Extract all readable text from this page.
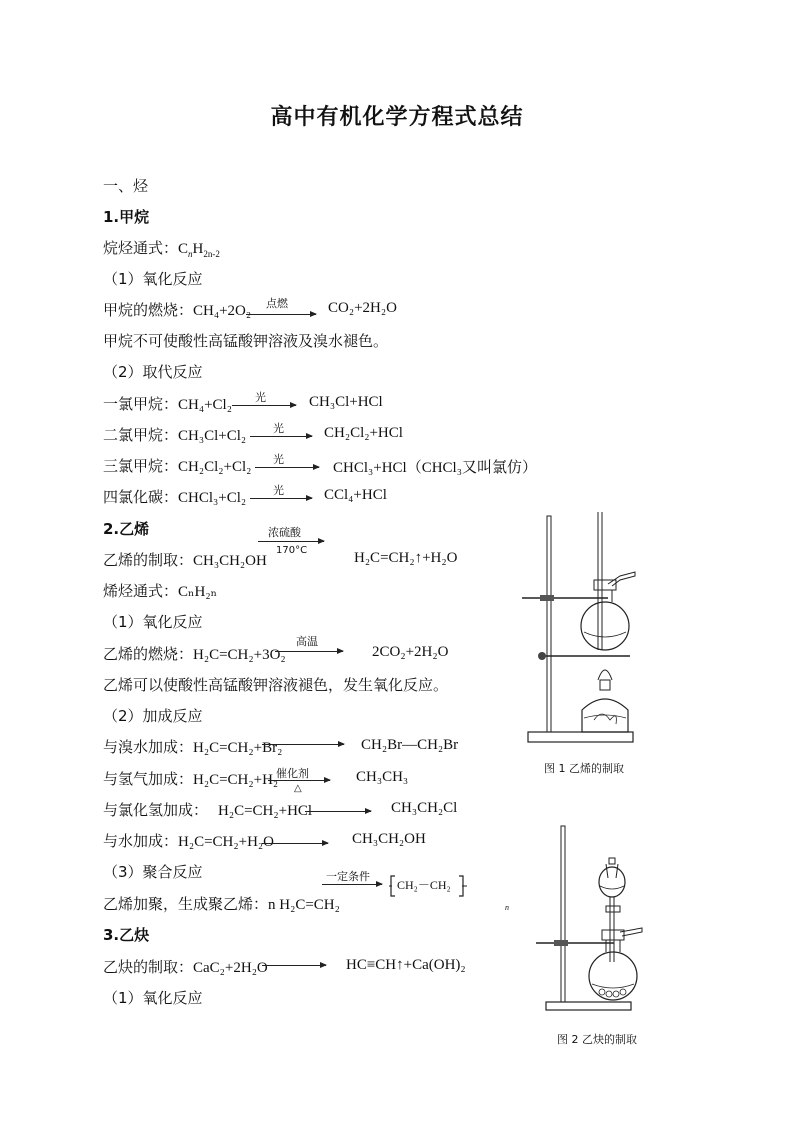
高中有机化学方程式总结
一、烃
1.甲烷
烷烃通式：$C_nH_{2n-2}$
（1）氧化反应
甲烷的燃烧：CH₄+2O₂ 点燃	CO₂+2H₂O
甲烷不可使酸性高锰酸钾溶液及溴水褪色。
（2）取代反应
一氯甲烷：CH₄+Cl₂ 光 → CH₃Cl+HCl
二氯甲烷：CH₃Cl+Cl₂ 光 → CH₂Cl₂+HCl
三氯甲烷：CH₂Cl₂+Cl₂ 光
→ CHCl₃+HCl（CHCl₃又叫氯仿）
四氯化碳：CHCl₃+Cl₂ 光 → CCl₄+HCl
2.乙烯
乙烯的制取：CH₃CH₂OH
浓硫酸
170°C	H₂C=CH₂↑+H₂O
烯烃通式：CₙH₂ₙ
（1）氧化反应
乙烯的燃烧：H₂C=CH₂+3O₂
高温
2CO₂+2H₂O
乙烯可以使酸性高锰酸钾溶液褪色，发生氧化反应。
（2）加成反应
与溴水加成：H₂C=CH₂+Br₂	CH₂Br—CH₂Br
与氢气加成：H₂C=CH₂+H₂
催化剂
△
CH₃CH₃
与氯化氢加成： H₂C=CH₂+HCl	CH₃CH₂Cl
与水加成：H₂C=CH₂+H₂O	CH₃CH₂OH
（3）聚合反应
乙烯加聚，生成聚乙烯：n H₂C=CH₂
一定条件
→ CH₂－CH₂
n
3.乙炔
乙炔的制取：CaC₂+2H₂O → HC≡CH↑+Ca(OH)₂
（1）氧化反应
图 1 乙烯的制取
图 2 乙炔的制取
